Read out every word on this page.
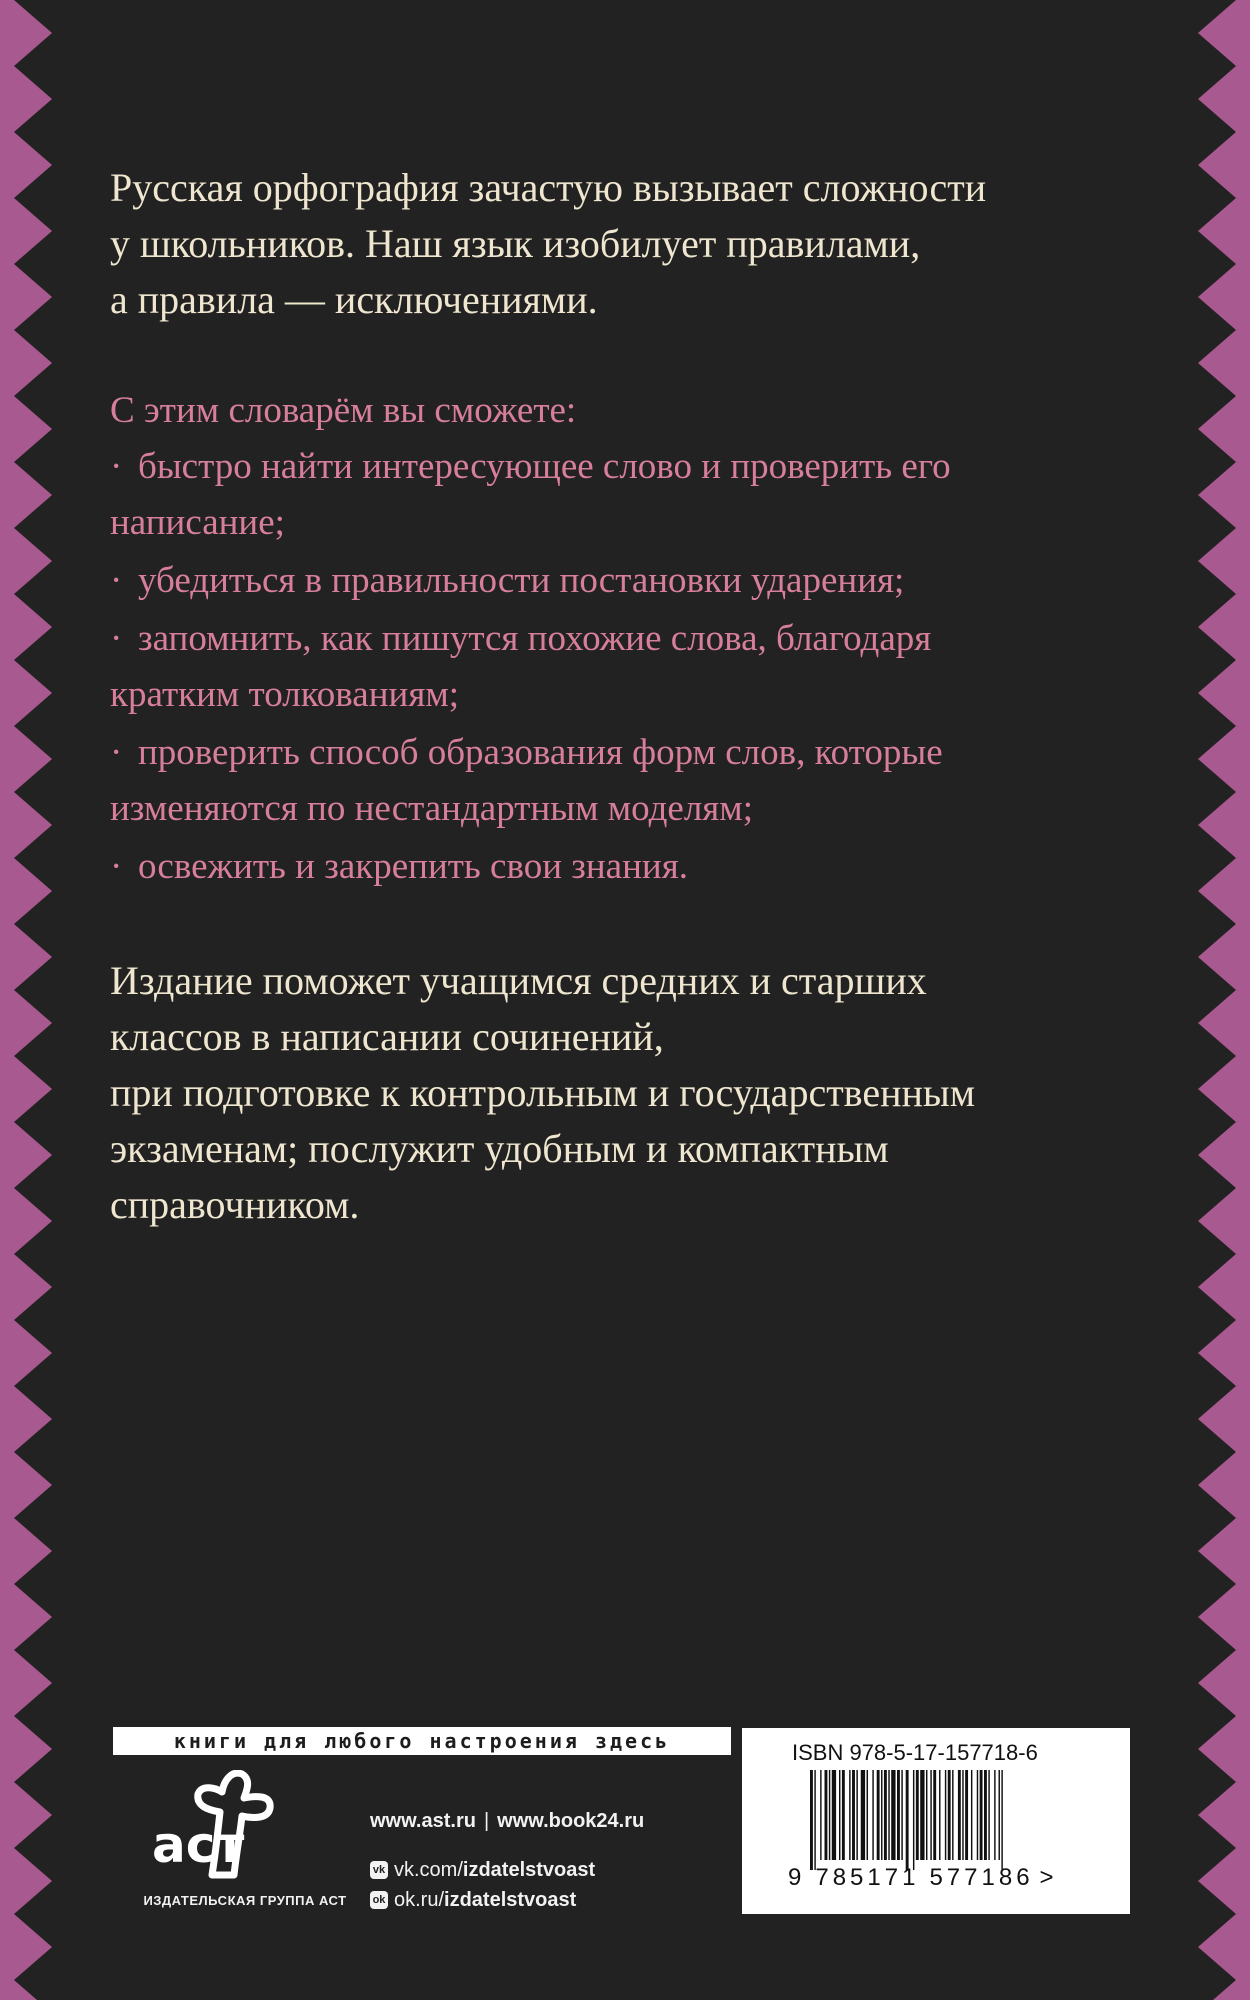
Русская орфография зачастую вызывает сложности
у школьников. Наш язык изобилует правилами,
а правила — исключениями.

С этим словарём вы сможете:

· быстро найти интересующее слово и проверить его
написание;
· убедиться в правильности постановки ударения;
· запомнить, как пишутся похожие слова, благодаря
кратким толкованиям;
· проверить способ образования форм слов, которые
изменяются по нестандартным моделям;
· освежить и закрепить свои знания.

Издание поможет учащимся средних и старших
классов в написании сочинений,
при подготовке к контрольным и государственным
экзаменам; послужит удобным и компактным
справочником.

книги для любого настроения здесь
аст
ИЗДАТЕЛЬСКАЯ ГРУППА АСТ
www.ast.ru | www.book24.ru
vk vk.com/ izdatelstvoast
ok ok.ru/ izdatelstvoast
ISBN 978-5-17-157718-6
9 785171 577186 >
